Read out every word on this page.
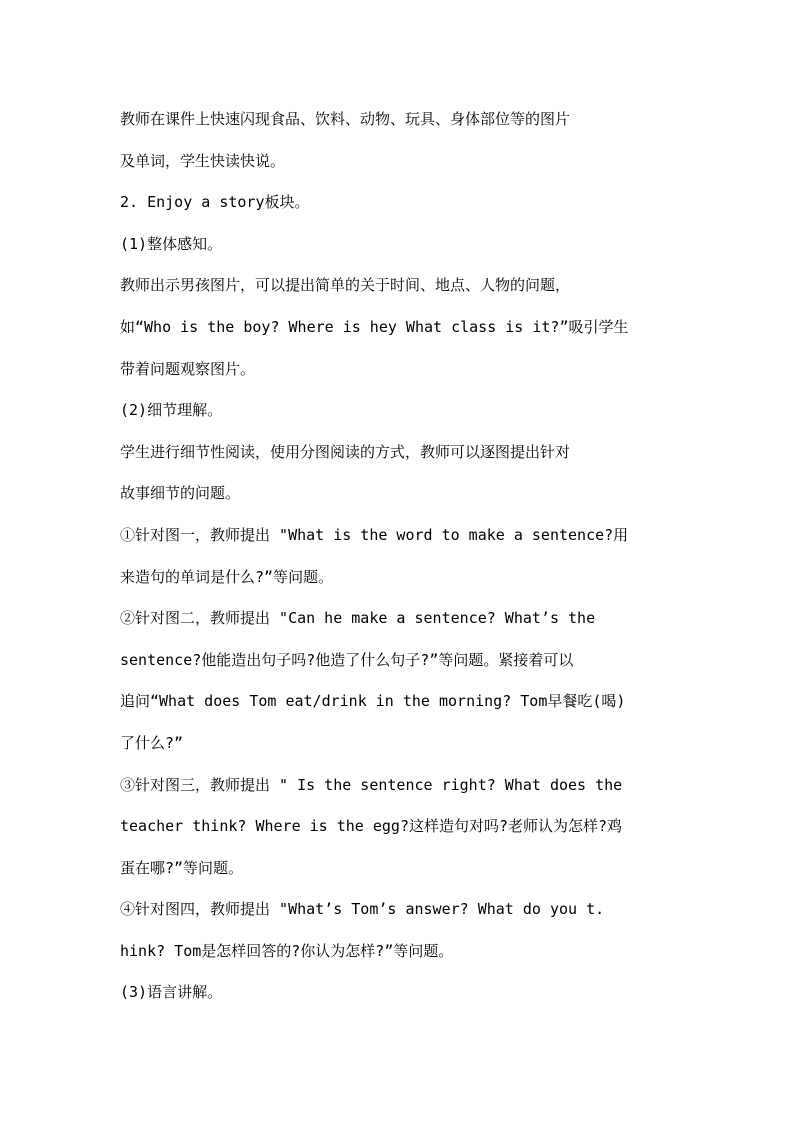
教师在课件上快速闪现食品、饮料、动物、玩具、身体部位等的图片
及单词，学生快读快说。
2. Enjoy a story板块。
(1)整体感知。
教师出示男孩图片，可以提出简单的关于时间、地点、人物的问题，
如“Who is the boy? Where is hey What class is it?”吸引学生
带着问题观察图片。
(2)细节理解。
学生进行细节性阅读，使用分图阅读的方式，教师可以逐图提出针对
故事细节的问题。
①针对图一，教师提出 "What is the word to make a sentence?用
来造句的单词是什么?”等问题。
②针对图二，教师提出 "Can he make a sentence? What’s the
sentence?他能造出句子吗?他造了什么句子?”等问题。紧接着可以
追问“What does Tom eat/drink in the morning? Tom早餐吃(喝)
了什么?”
③针对图三，教师提出 " Is the sentence right? What does the
teacher think? Where is the egg?这样造句对吗?老师认为怎样?鸡
蛋在哪?”等问题。
④针对图四，教师提出 "What’s Tom’s answer? What do you t.
hink? Tom是怎样回答的?你认为怎样?”等问题。
(3)语言讲解。
